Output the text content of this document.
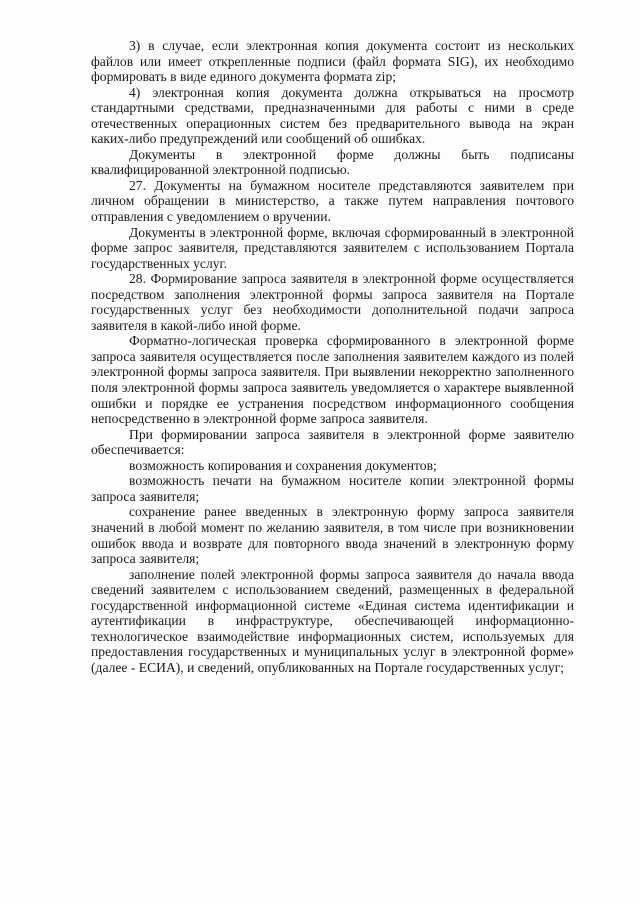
3) в случае, если электронная копия документа состоит из нескольких файлов или имеет открепленные подписи (файл формата SIG), их необходимо формировать в виде единого документа формата zip;

4) электронная копия документа должна открываться на просмотр стандартными средствами, предназначенными для работы с ними в среде отечественных операционных систем без предварительного вывода на экран каких-либо предупреждений или сообщений об ошибках.

Документы в электронной форме должны быть подписаны квалифицированной электронной подписью.

27. Документы на бумажном носителе представляются заявителем при личном обращении в министерство, а также путем направления почтового отправления с уведомлением о вручении.

Документы в электронной форме, включая сформированный в электронной форме запрос заявителя, представляются заявителем с использованием Портала государственных услуг.

28. Формирование запроса заявителя в электронной форме осуществляется посредством заполнения электронной формы запроса заявителя на Портале государственных услуг без необходимости дополнительной подачи запроса заявителя в какой-либо иной форме.

Форматно-логическая проверка сформированного в электронной форме запроса заявителя осуществляется после заполнения заявителем каждого из полей электронной формы запроса заявителя. При выявлении некорректно заполненного поля электронной формы запроса заявитель уведомляется о характере выявленной ошибки и порядке ее устранения посредством информационного сообщения непосредственно в электронной форме запроса заявителя.

При формировании запроса заявителя в электронной форме заявителю обеспечивается:

возможность копирования и сохранения документов;

возможность печати на бумажном носителе копии электронной формы запроса заявителя;

сохранение ранее введенных в электронную форму запроса заявителя значений в любой момент по желанию заявителя, в том числе при возникновении ошибок ввода и возврате для повторного ввода значений в электронную форму запроса заявителя;

заполнение полей электронной формы запроса заявителя до начала ввода сведений заявителем с использованием сведений, размещенных в федеральной государственной информационной системе «Единая система идентификации и аутентификации в инфраструктуре, обеспечивающей информационно-технологическое взаимодействие информационных систем, используемых для предоставления государственных и муниципальных услуг в электронной форме» (далее - ЕСИА), и сведений, опубликованных на Портале государственных услуг;
